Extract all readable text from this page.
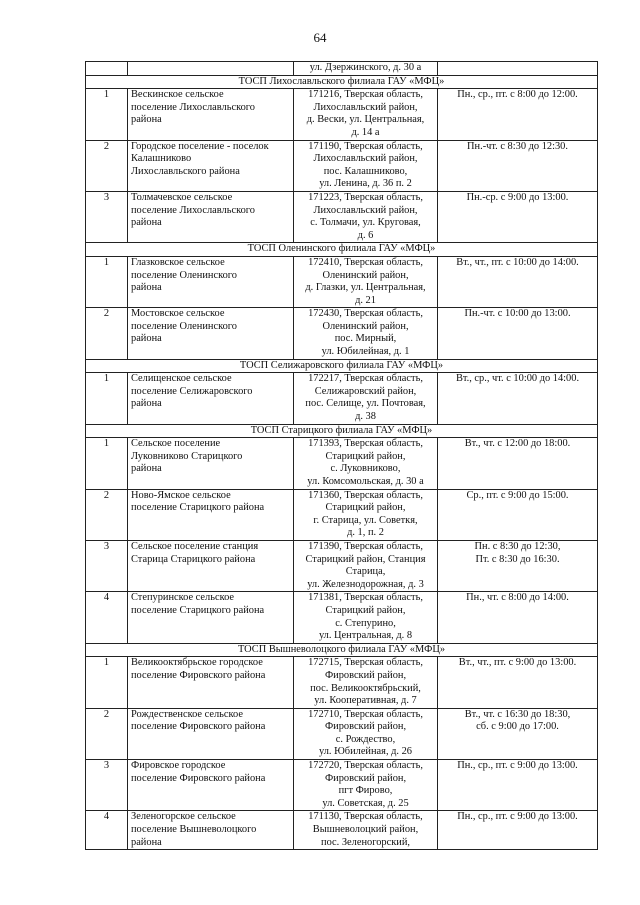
64

		ул. Дзержинского, д. 30 а	

ТОСП Лихославльского филиала ГАУ «МФЦ»			
1	Вескинское сельское
поселение Лихославльского
района	171216, Тверская область,
Лихославльский район,
д. Вески, ул. Центральная,
д. 14 а	Пн., ср., пт. с 8:00 до 12:00.

2	Городское поселение - поселок
Калашниково
Лихославльского района	171190, Тверская область,
Лихославльский район,
пос. Калашниково,
ул. Ленина, д. 36 п. 2	Пн.-чт. с 8:30 до 12:30.

3	Толмачевское сельское
поселение Лихославльского
района	171223, Тверская область,
Лихославльский район,
с. Толмачи, ул. Круговая,
д. 6	Пн.-ср. с 9:00 до 13:00.

ТОСП Оленинского филиала ГАУ «МФЦ»			
1	Глазковское сельское
поселение Оленинского
района	172410, Тверская область,
Оленинский район,
д. Глазки, ул. Центральная,
д. 21	Вт., чт., пт. с 10:00 до 14:00.

2	Мостовское сельское
поселение Оленинского
района	172430, Тверская область,
Оленинский район,
пос. Мирный,
ул. Юбилейная, д. 1	Пн.-чт. с 10:00 до 13:00.

ТОСП Селижаровского филиала ГАУ «МФЦ»			
1	Селищенское сельское
поселение Селижаровского
района	172217, Тверская область,
Селижаровский район,
пос. Селище, ул. Почтовая,
д. 38	Вт., ср., чт. с 10:00 до 14:00.

ТОСП Старицкого филиала ГАУ «МФЦ»			
1	Сельское поселение
Луковниково Старицкого
района	171393, Тверская область,
Старицкий район,
с. Луковниково,
ул. Комсомольская, д. 30 а	Вт., чт. с 12:00 до 18:00.

2	Ново-Ямское сельское
поселение Старицкого района	171360, Тверская область,
Старицкий район,
г. Старица, ул. Советкя,
д. 1, п. 2	Ср., пт. с 9:00 до 15:00.

3	Сельское поселение станция
Старица Старицкого района	171390, Тверская область,
Старицкий район, Станция
Старица,
ул. Железнодорожная, д. 3	Пн. с 8:30 до 12:30,
Пт. с 8:30 до 16:30.

4	Степуринское сельское
поселение Старицкого района	171381, Тверская область,
Старицкий район,
с. Степурино,
ул. Центральная, д. 8	Пн., чт. с 8:00 до 14:00.

ТОСП Вышневолоцкого филиала ГАУ «МФЦ»			
1	Великооктябрьское городское
поселение Фировского района	172715, Тверская область,
Фировский район,
пос. Великооктябрьский,
ул. Кооперативная, д. 7	Вт., чт., пт. с 9:00 до 13:00.

2	Рождественское сельское
поселение Фировского района	172710, Тверская область,
Фировский район,
с. Рождество,
ул. Юбилейная, д. 26	Вт., чт. с 16:30 до 18:30,
сб. с 9:00 до 17:00.

3	Фировское городское
поселение Фировского района	172720, Тверская область,
Фировский район,
пгт Фирово,
ул. Советская, д. 25	Пн., ср., пт. с 9:00 до 13:00.

4	Зеленогорское сельское
поселение Вышневолоцкого
района	171130, Тверская область,
Вышневолоцкий район,
пос. Зеленогорский,	Пн., ср., пт. с 9:00 до 13:00.
